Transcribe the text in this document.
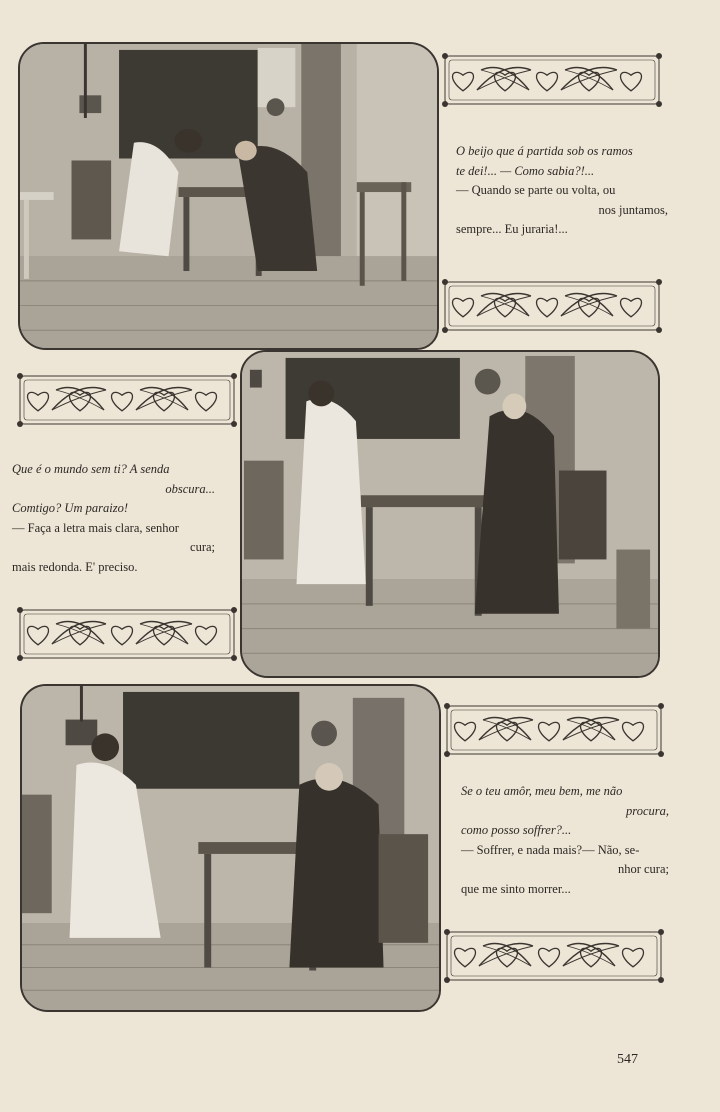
O beijo que á partida sob os ramos
te dei!... — Como sabia?!...
— Quando se parte ou volta, ou
nos juntamos,
sempre... Eu juraria!...
Que é o mundo sem ti? A senda
obscura...
Comtigo? Um paraizo!
— Faça a letra mais clara, senhor
cura;
mais redonda. E' preciso.
Se o teu amôr, meu bem, me não
procura,
como posso soffrer?...
— Soffrer, e nada mais?— Não, se-
nhor cura;
que me sinto morrer...
547
